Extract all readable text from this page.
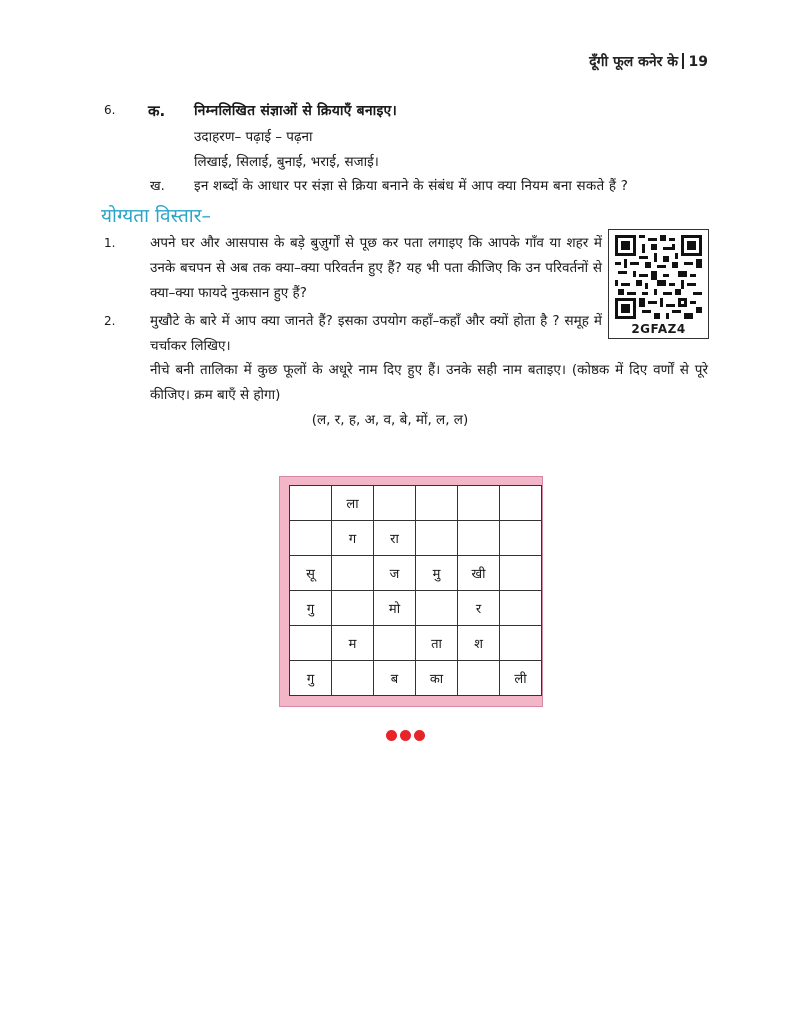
दूँगी फूल कनेर के 19
6. क. निम्नलिखित संज्ञाओं से क्रियाएँ बनाइए।
उदाहरण– पढ़ाई – पढ़ना
लिखाई, सिलाई, बुनाई, भराई, सजाई।
ख. इन शब्दों के आधार पर संज्ञा से क्रिया बनाने के संबंध में आप क्या नियम बना सकते हैं ?
योग्यता विस्तार–
1.	अपने घर और आसपास के बड़े बुज़ुर्गों से पूछ कर पता लगाइए कि आपके गाँव या शहर में उनके बचपन से अब तक क्या–क्या परिवर्तन हुए हैं? यह भी पता कीजिए कि उन परिवर्तनों से क्या–क्या फायदे नुकसान हुए हैं?
2.	मुखौटे के बारे में आप क्या जानते हैं? इसका उपयोग कहाँ–कहाँ और क्यों होता है ? समूह में चर्चाकर लिखिए।
नीचे बनी तालिका में कुछ फूलों के अधूरे नाम दिए हुए हैं। उनके सही नाम बताइए। (कोष्ठक में दिए वर्णों से पूरे कीजिए। क्रम बाएँ से होगा)
(ल, र, ह, अ, व, बे, मों, ल, ल)
2GFAZ4
	ला				
	ग	रा			
सू		ज	मु	खी	
गु		मो		र	
	म		ता	श	
गु		ब	का		ली
